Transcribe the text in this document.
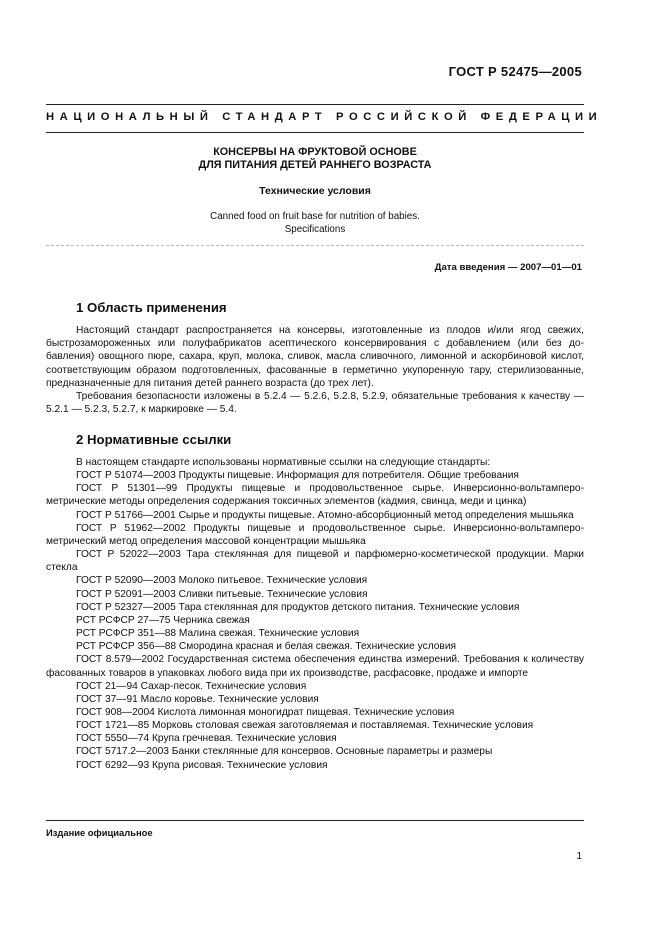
ГОСТ Р 52475—2005
НАЦИОНАЛЬНЫЙ СТАНДАРТ РОССИЙСКОЙ ФЕДЕРАЦИИ
КОНСЕРВЫ НА ФРУКТОВОЙ ОСНОВЕ
ДЛЯ ПИТАНИЯ ДЕТЕЙ РАННЕГО ВОЗРАСТА
Технические условия
Canned food on fruit base for nutrition of babies.
Specifications
Дата введения — 2007—01—01
1 Область применения

Настоящий стандарт распространяется на консервы, изготовленные из плодов и/или ягод свежих, быстрозамороженных или полуфабрикатов асептического консервирования с добавлением (или без добавления) овощного пюре, сахара, круп, молока, сливок, масла сливочного, лимонной и аскорбиновой кислот, соответствующим образом подготовленных, фасованные в герметично укупоренную тару, стерилизованные, предназначенные для питания детей раннего возраста (до трех лет).

Требования безопасности изложены в 5.2.4 — 5.2.6, 5.2.8, 5.2.9, обязательные требования к качеству — 5.2.1 — 5.2.3, 5.2.7, к маркировке — 5.4.

2 Нормативные ссылки

В настоящем стандарте использованы нормативные ссылки на следующие стандарты:

ГОСТ Р 51074—2003 Продукты пищевые. Информация для потребителя. Общие требования

ГОСТ Р 51301—99 Продукты пищевые и продовольственное сырье. Инверсионно-вольтамперометрические методы определения содержания токсичных элементов (кадмия, свинца, меди и цинка)

ГОСТ Р 51766—2001 Сырье и продукты пищевые. Атомно-абсорбционный метод определения мышьяка

ГОСТ Р 51962—2002 Продукты пищевые и продовольственное сырье. Инверсионно-вольтамперометрический метод определения массовой концентрации мышьяка

ГОСТ Р 52022—2003 Тара стеклянная для пищевой и парфюмерно-косметической продукции. Марки стекла

ГОСТ Р 52090—2003 Молоко питьевое. Технические условия

ГОСТ Р 52091—2003 Сливки питьевые. Технические условия

ГОСТ Р 52327—2005 Тара стеклянная для продуктов детского питания. Технические условия

РСТ РСФСР 27—75 Черника свежая

РСТ РСФСР 351—88 Малина свежая. Технические условия

РСТ РСФСР 356—88 Смородина красная и белая свежая. Технические условия

ГОСТ 8.579—2002 Государственная система обеспечения единства измерений. Требования к количеству фасованных товаров в упаковках любого вида при их производстве, расфасовке, продаже и импорте

ГОСТ 21—94 Сахар-песок. Технические условия

ГОСТ 37—91 Масло коровье. Технические условия

ГОСТ 908—2004 Кислота лимонная моногидрат пищевая. Технические условия

ГОСТ 1721—85 Морковь столовая свежая заготовляемая и поставляемая. Технические условия

ГОСТ 5550—74 Крупа гречневая. Технические условия

ГОСТ 5717.2—2003 Банки стеклянные для консервов. Основные параметры и размеры

ГОСТ 6292—93 Крупа рисовая. Технические условия

Издание официальное
1
